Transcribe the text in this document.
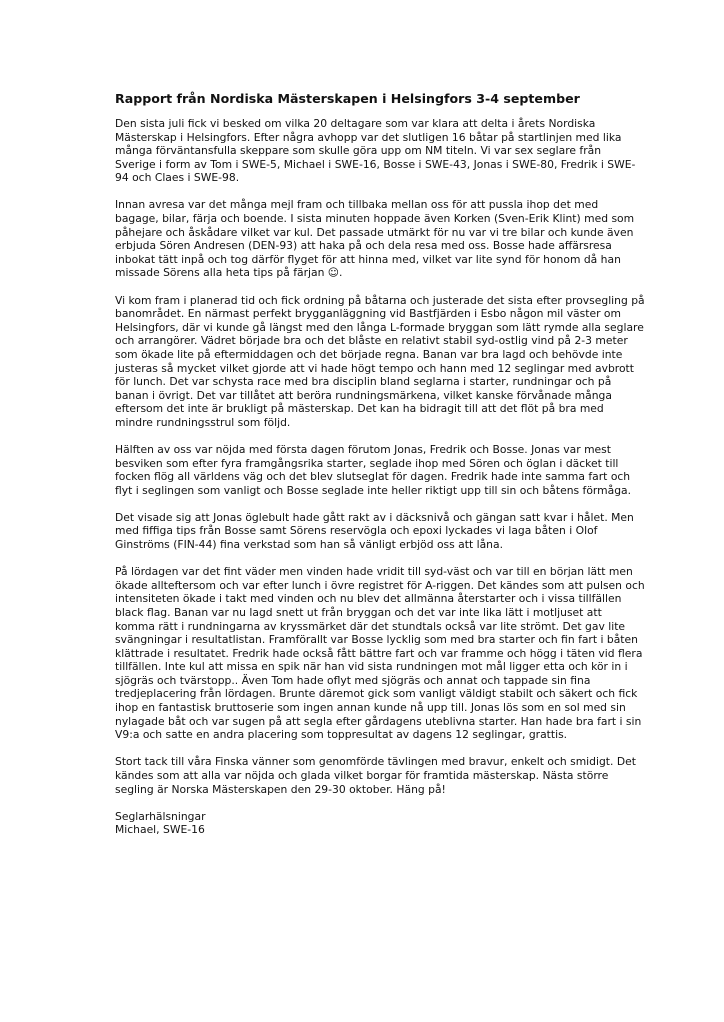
Rapport från Nordiska Mästerskapen i Helsingfors 3-4 september

Den sista juli fick vi besked om vilka 20 deltagare som var klara att delta i årets Nordiska Mästerskap i Helsingfors. Efter några avhopp var det slutligen 16 båtar på startlinjen med lika många förväntansfulla skeppare som skulle göra upp om NM titeln. Vi var sex seglare från Sverige i form av Tom i SWE-5, Michael i SWE-16, Bosse i SWE-43, Jonas i SWE-80, Fredrik i SWE-94 och Claes i SWE-98.

Innan avresa var det många mejl fram och tillbaka mellan oss för att pussla ihop det med bagage, bilar, färja och boende. I sista minuten hoppade även Korken (Sven-Erik Klint) med som påhejare och åskådare vilket var kul. Det passade utmärkt för nu var vi tre bilar och kunde även erbjuda Sören Andresen (DEN-93) att haka på och dela resa med oss. Bosse hade affärsresa inbokat tätt inpå och tog därför flyget för att hinna med, vilket var lite synd för honom då han missade Sörens alla heta tips på färjan ☺.

Vi kom fram i planerad tid och fick ordning på båtarna och justerade det sista efter provsegling på banområdet. En närmast perfekt brygganläggning vid Bastfjärden i Esbo någon mil väster om Helsingfors, där vi kunde gå längst med den långa L-formade bryggan som lätt rymde alla seglare och arrangörer. Vädret började bra och det blåste en relativt stabil syd-ostlig vind på 2-3 meter som ökade lite på eftermiddagen och det började regna. Banan var bra lagd och behövde inte justeras så mycket vilket gjorde att vi hade högt tempo och hann med 12 seglingar med avbrott för lunch. Det var schysta race med bra disciplin bland seglarna i starter, rundningar och på banan i övrigt. Det var tillåtet att beröra rundningsmärkena, vilket kanske förvånade många eftersom det inte är brukligt på mästerskap. Det kan ha bidragit till att det flöt på bra med mindre rundningsstrul som följd.

Hälften av oss var nöjda med första dagen förutom Jonas, Fredrik och Bosse. Jonas var mest besviken som efter fyra framgångsrika starter, seglade ihop med Sören och öglan i däcket till focken flög all världens väg och det blev slutseglat för dagen. Fredrik hade inte samma fart och flyt i seglingen som vanligt och Bosse seglade inte heller riktigt upp till sin och båtens förmåga.

Det visade sig att Jonas öglebult hade gått rakt av i däcksnivå och gängan satt kvar i hålet. Men med fiffiga tips från Bosse samt Sörens reservögla och epoxi lyckades vi laga båten i Olof Ginströms (FIN-44) fina verkstad som han så vänligt erbjöd oss att låna.

På lördagen var det fint väder men vinden hade vridit till syd-väst och var till en början lätt men ökade allteftersom och var efter lunch i övre registret för A-riggen. Det kändes som att pulsen och intensiteten ökade i takt med vinden och nu blev det allmänna återstarter och i vissa tillfällen black flag. Banan var nu lagd snett ut från bryggan och det var inte lika lätt i motljuset att komma rätt i rundningarna av kryssmärket där det stundtals också var lite strömt. Det gav lite svängningar i resultatlistan. Framförallt var Bosse lycklig som med bra starter och fin fart i båten klättrade i resultatet. Fredrik hade också fått bättre fart och var framme och högg i täten vid flera tillfällen. Inte kul att missa en spik när han vid sista rundningen mot mål ligger etta och kör in i sjögräs och tvärstopp.. Även Tom hade oflyt med sjögräs och annat och tappade sin fina tredjeplacering från lördagen. Brunte däremot gick som vanligt väldigt stabilt och säkert och fick ihop en fantastisk bruttoserie som ingen annan kunde nå upp till. Jonas lös som en sol med sin nylagade båt och var sugen på att segla efter gårdagens uteblivna starter. Han hade bra fart i sin V9:a och satte en andra placering som toppresultat av dagens 12 seglingar, grattis.

Stort tack till våra Finska vänner som genomförde tävlingen med bravur, enkelt och smidigt. Det kändes som att alla var nöjda och glada vilket borgar för framtida mästerskap. Nästa större segling är Norska Mästerskapen den 29-30 oktober. Häng på!

Seglarhälsningar
Michael, SWE-16
